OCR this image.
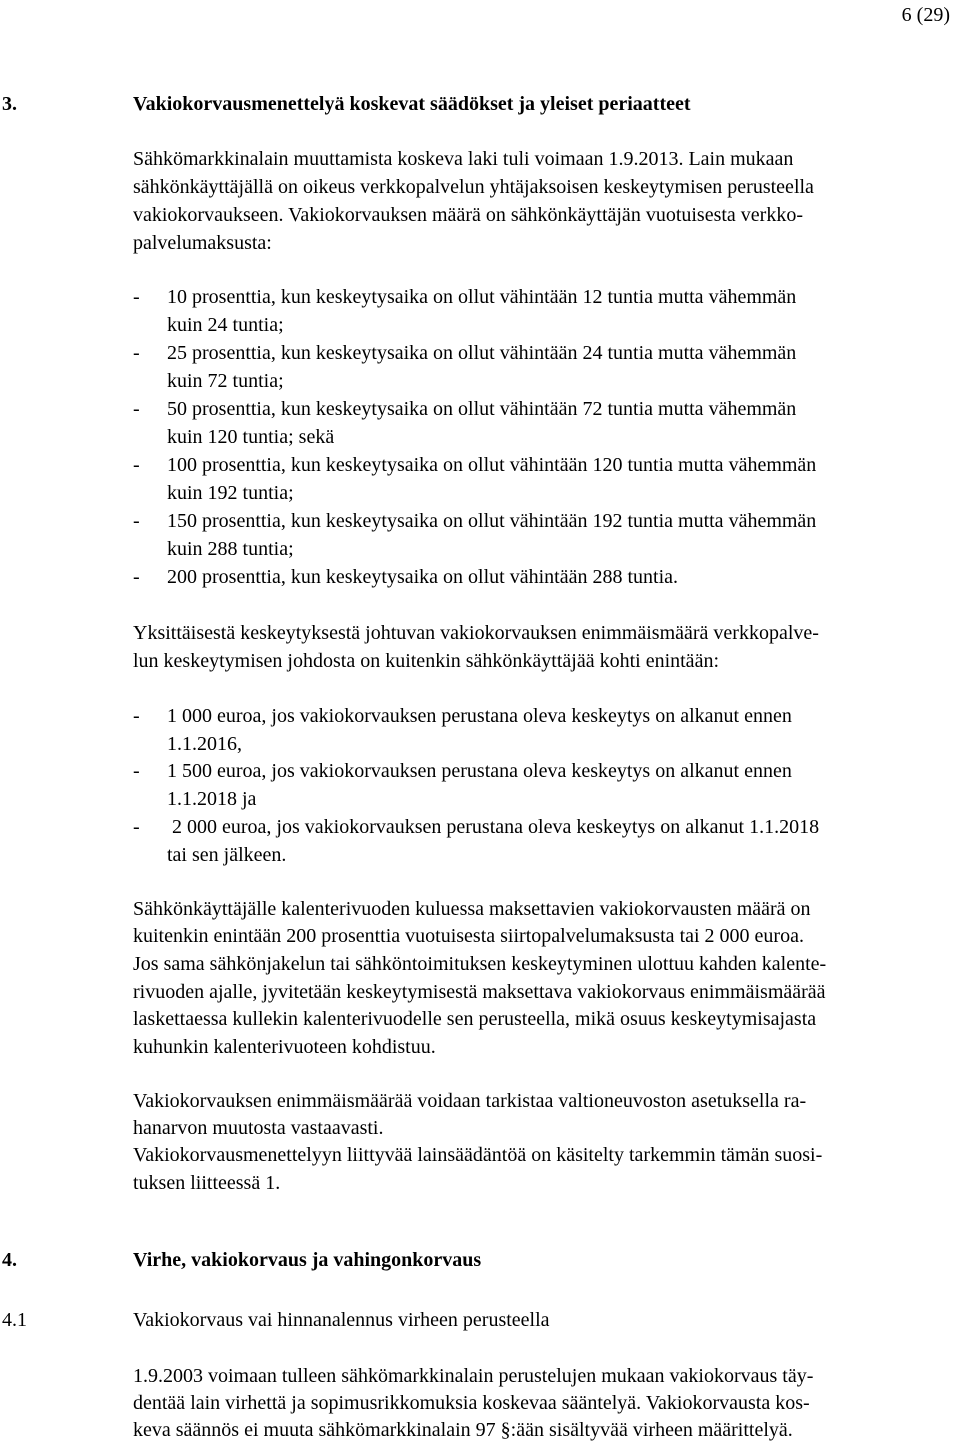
6 (29)
3.	Vakiokorvausmenettelyä koskevat säädökset ja yleiset periaatteet
Sähkömarkkinalain muuttamista koskeva laki tuli voimaan 1.9.2013. Lain mukaan
sähkönkäyttäjällä on oikeus verkkopalvelun yhtäjaksoisen keskeytymisen perusteella
vakiokorvaukseen. Vakiokorvauksen määrä on sähkönkäyttäjän vuotuisesta verkko-
palvelumaksusta:
- 10 prosenttia, kun keskeytysaika on ollut vähintään 12 tuntia mutta vähemmän
kuin 24 tuntia;
- 25 prosenttia, kun keskeytysaika on ollut vähintään 24 tuntia mutta vähemmän
kuin 72 tuntia;
- 50 prosenttia, kun keskeytysaika on ollut vähintään 72 tuntia mutta vähemmän
kuin 120 tuntia; sekä
- 100 prosenttia, kun keskeytysaika on ollut vähintään 120 tuntia mutta vähemmän
kuin 192 tuntia;
- 150 prosenttia, kun keskeytysaika on ollut vähintään 192 tuntia mutta vähemmän
kuin 288 tuntia;
- 200 prosenttia, kun keskeytysaika on ollut vähintään 288 tuntia.
Yksittäisestä keskeytyksestä johtuvan vakiokorvauksen enimmäismäärä verkkopalve-
lun keskeytymisen johdosta on kuitenkin sähkönkäyttäjää kohti enintään:
- 1 000 euroa, jos vakiokorvauksen perustana oleva keskeytys on alkanut ennen
1.1.2016,
- 1 500 euroa, jos vakiokorvauksen perustana oleva keskeytys on alkanut ennen
1.1.2018 ja
- 2 000 euroa, jos vakiokorvauksen perustana oleva keskeytys on alkanut 1.1.2018
tai sen jälkeen.
Sähkönkäyttäjälle kalenterivuoden kuluessa maksettavien vakiokorvausten määrä on
kuitenkin enintään 200 prosenttia vuotuisesta siirtopalvelumaksusta tai 2 000 euroa.
Jos sama sähkönjakelun tai sähköntoimituksen keskeytyminen ulottuu kahden kalente-
rivuoden ajalle, jyvitetään keskeytymisestä maksettava vakiokorvaus enimmäismäärää
laskettaessa kullekin kalenterivuodelle sen perusteella, mikä osuus keskeytymisajasta
kuhunkin kalenterivuoteen kohdistuu.
Vakiokorvauksen enimmäismäärää voidaan tarkistaa valtioneuvoston asetuksella ra-
hanarvon muutosta vastaavasti.
Vakiokorvausmenettelyyn liittyvää lainsäädäntöä on käsitelty tarkemmin tämän suosi-
tuksen liitteessä 1.
4.	Virhe, vakiokorvaus ja vahingonkorvaus
4.1	Vakiokorvaus vai hinnanalennus virheen perusteella
1.9.2003 voimaan tulleen sähkömarkkinalain perustelujen mukaan vakiokorvaus täy-
dentää lain virhettä ja sopimusrikkomuksia koskevaa sääntelyä. Vakiokorvausta kos-
keva säännös ei muuta sähkömarkkinalain 97 §:ään sisältyvää virheen määrittelyä.
